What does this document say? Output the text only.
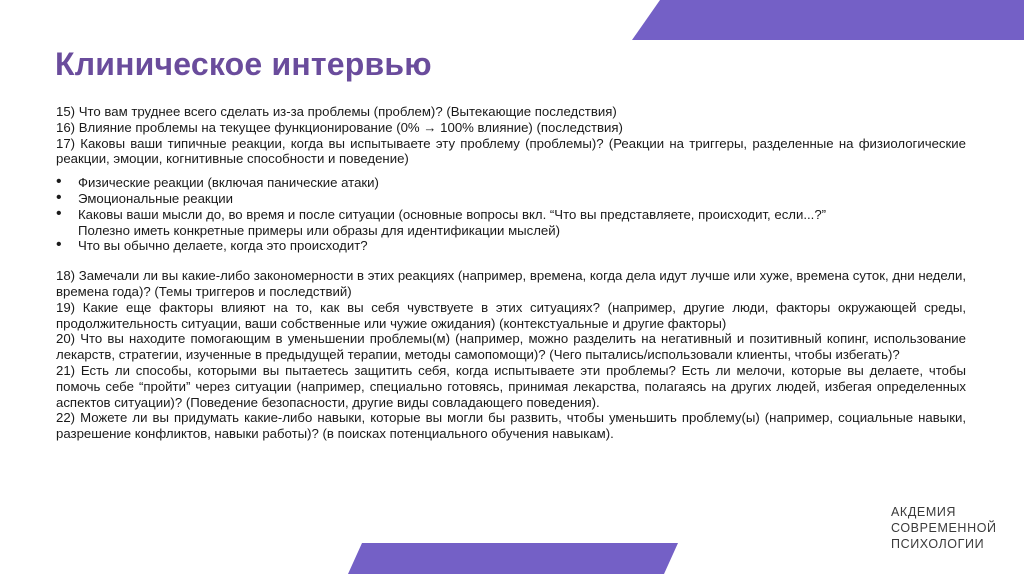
Клиническое интервью

15) Что вам труднее всего сделать из-за проблемы (проблем)? (Вытекающие последствия)

16) Влияние проблемы на текущее функционирование (0% → 100% влияние) (последствия)

17) Каковы ваши типичные реакции, когда вы испытываете эту проблему (проблемы)? (Реакции на триггеры, разделенные на физиологические реакции, эмоции, когнитивные способности и поведение)

• Физические реакции (включая панические атаки)
• Эмоциональные реакции
• Каковы ваши мысли до, во время и после ситуации (основные вопросы вкл. “Что вы представляете, происходит, если...?”
Полезно иметь конкретные примеры или образы для идентификации мыслей)
• Что вы обычно делаете, когда это происходит?

18) Замечали ли вы какие-либо закономерности в этих реакциях (например, времена, когда дела идут лучше или хуже, времена суток, дни недели, времена года)? (Темы триггеров и последствий)

19) Какие еще факторы влияют на то, как вы себя чувствуете в этих ситуациях? (например, другие люди, факторы окружающей среды, продолжительность ситуации, ваши собственные или чужие ожидания) (контекстуальные и другие факторы)

20) Что вы находите помогающим в уменьшении проблемы(м) (например, можно разделить на негативный и позитивный копинг, использование лекарств, стратегии, изученные в предыдущей терапии, методы самопомощи)? (Чего пытались/использовали клиенты, чтобы избегать)?

21) Есть ли способы, которыми вы пытаетесь защитить себя, когда испытываете эти проблемы? Есть ли мелочи, которые вы делаете, чтобы помочь себе “пройти” через ситуации (например, специально готовясь, принимая лекарства, полагаясь на других людей, избегая определенных аспектов ситуации)? (Поведение безопасности, другие виды совладающего поведения).

22) Можете ли вы придумать какие-либо навыки, которые вы могли бы развить, чтобы уменьшить проблему(ы) (например, социальные навыки, разрешение конфликтов, навыки работы)? (в поисках потенциального обучения навыкам).

АКДЕМИЯ
СОВРЕМЕННОЙ
ПСИХОЛОГИИ
